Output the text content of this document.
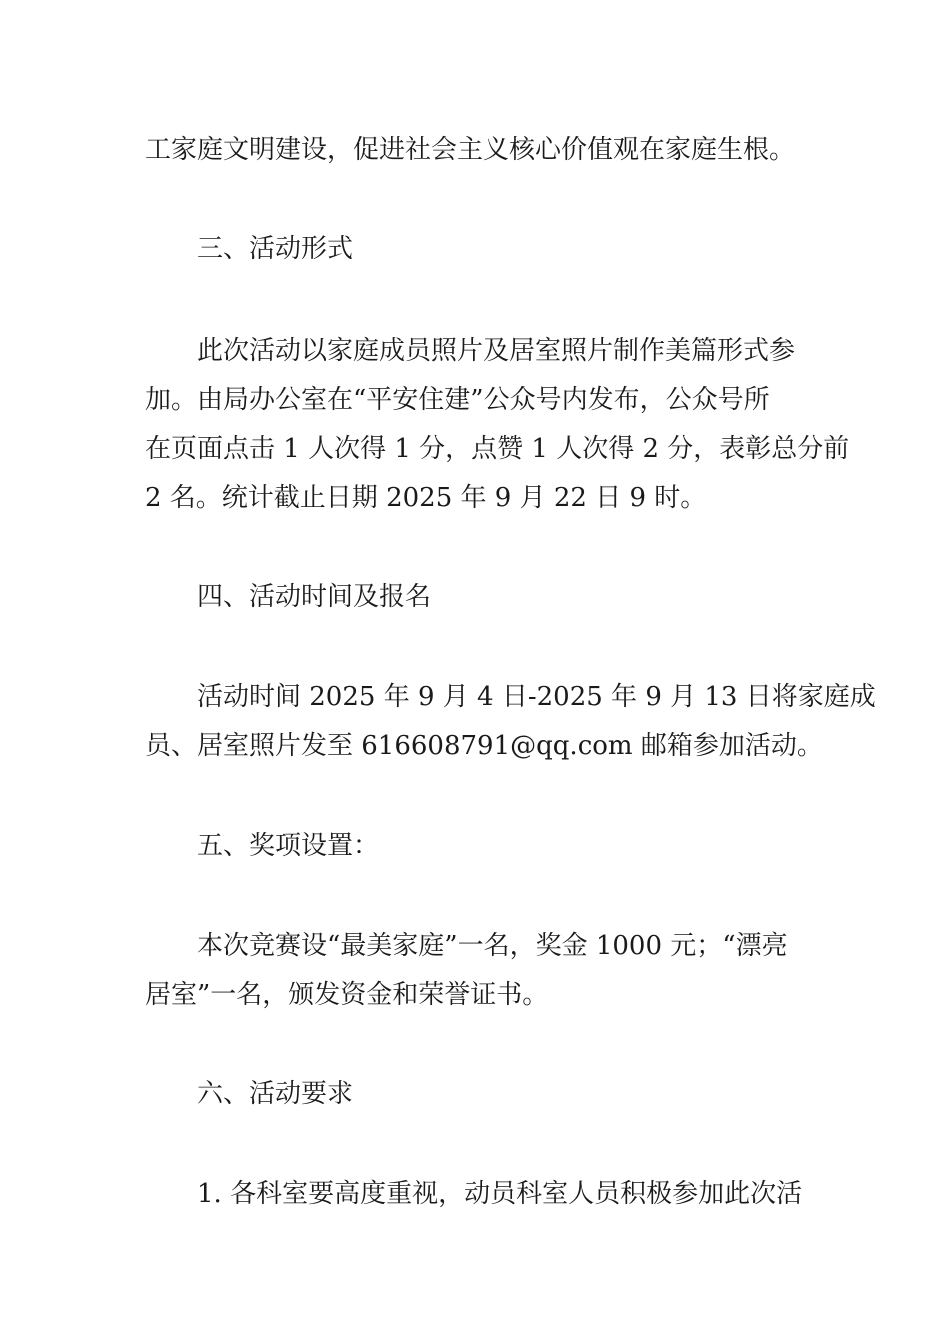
工家庭文明建设，促进社会主义核心价值观在家庭生根。
三、活动形式
此次活动以家庭成员照片及居室照片制作美篇形式参
加。由局办公室在“平安住建”公众号内发布，公众号所
在页面点击 1 人次得 1 分，点赞 1 人次得 2 分，表彰总分前
2 名。统计截止日期 2025 年 9 月 22 日 9 时。
四、活动时间及报名
活动时间 2025 年 9 月 4 日-2025 年 9 月 13 日将家庭成
员、居室照片发至 616608791@qq.com 邮箱参加活动。
五、奖项设置：
本次竞赛设“最美家庭”一名，奖金 1000 元；“漂亮
居室”一名，颁发资金和荣誉证书。
六、活动要求
1. 各科室要高度重视，动员科室人员积极参加此次活
